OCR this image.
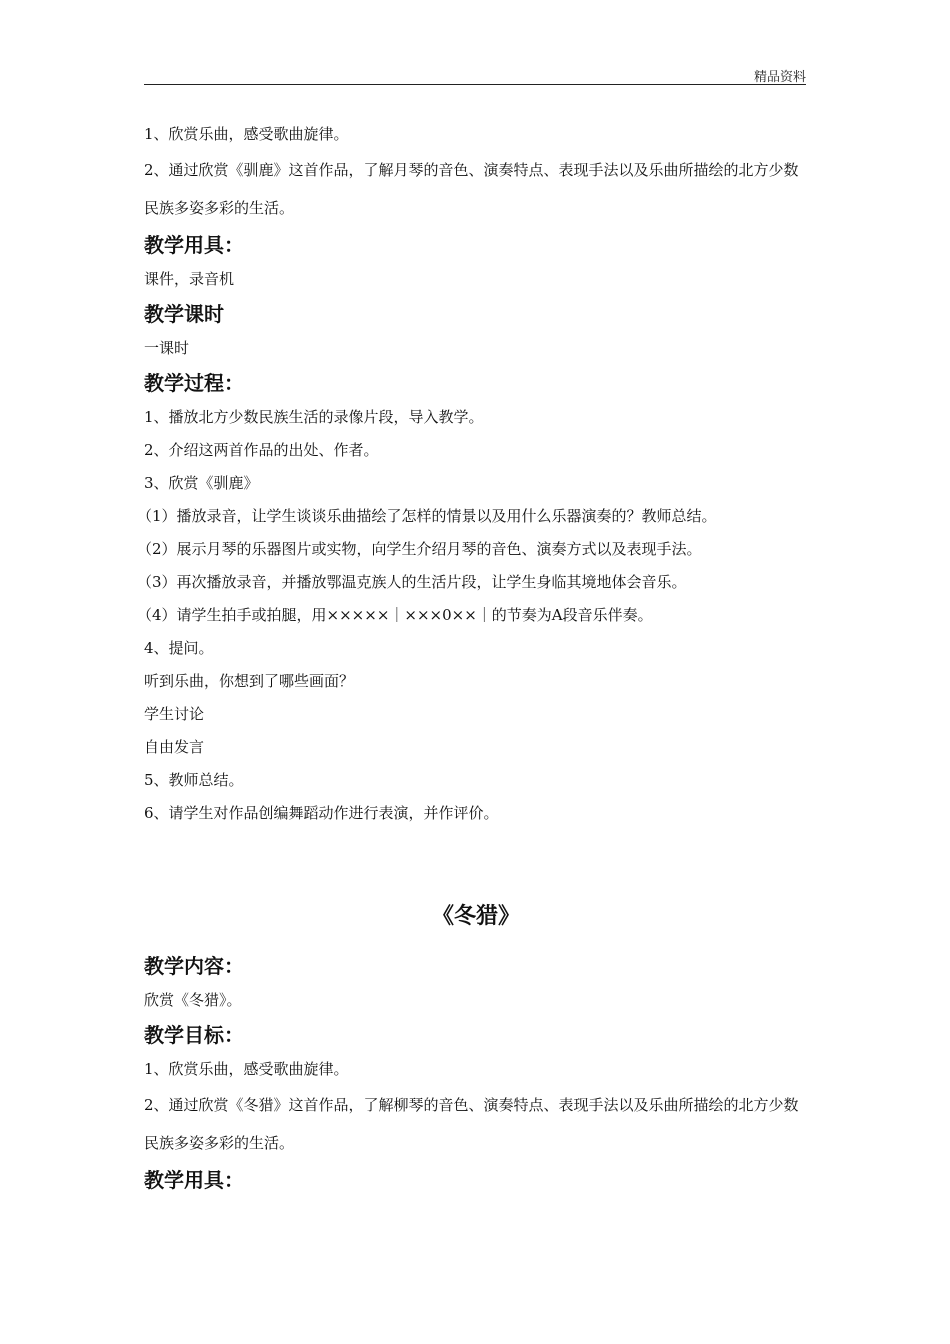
精品资料

1、欣赏乐曲，感受歌曲旋律。

2、通过欣赏《驯鹿》这首作品，了解月琴的音色、演奏特点、表现手法以及乐曲所描绘的北方少数民族多姿多彩的生活。

教学用具：

课件，录音机

教学课时

一课时

教学过程：

1、播放北方少数民族生活的录像片段，导入教学。

2、介绍这两首作品的出处、作者。

3、欣赏《驯鹿》

（1）播放录音，让学生谈谈乐曲描绘了怎样的情景以及用什么乐器演奏的？教师总结。

（2）展示月琴的乐器图片或实物，向学生介绍月琴的音色、演奏方式以及表现手法。

（3）再次播放录音，并播放鄂温克族人的生活片段，让学生身临其境地体会音乐。

（4）请学生拍手或拍腿，用×××××｜×××0××｜的节奏为A段音乐伴奏。

4、提问。

听到乐曲，你想到了哪些画面？

学生讨论

自由发言

5、教师总结。

6、请学生对作品创编舞蹈动作进行表演，并作评价。

《冬猎》
教学内容：

欣赏《冬猎》。

教学目标：

1、欣赏乐曲，感受歌曲旋律。

2、通过欣赏《冬猎》这首作品，了解柳琴的音色、演奏特点、表现手法以及乐曲所描绘的北方少数民族多姿多彩的生活。

教学用具：
